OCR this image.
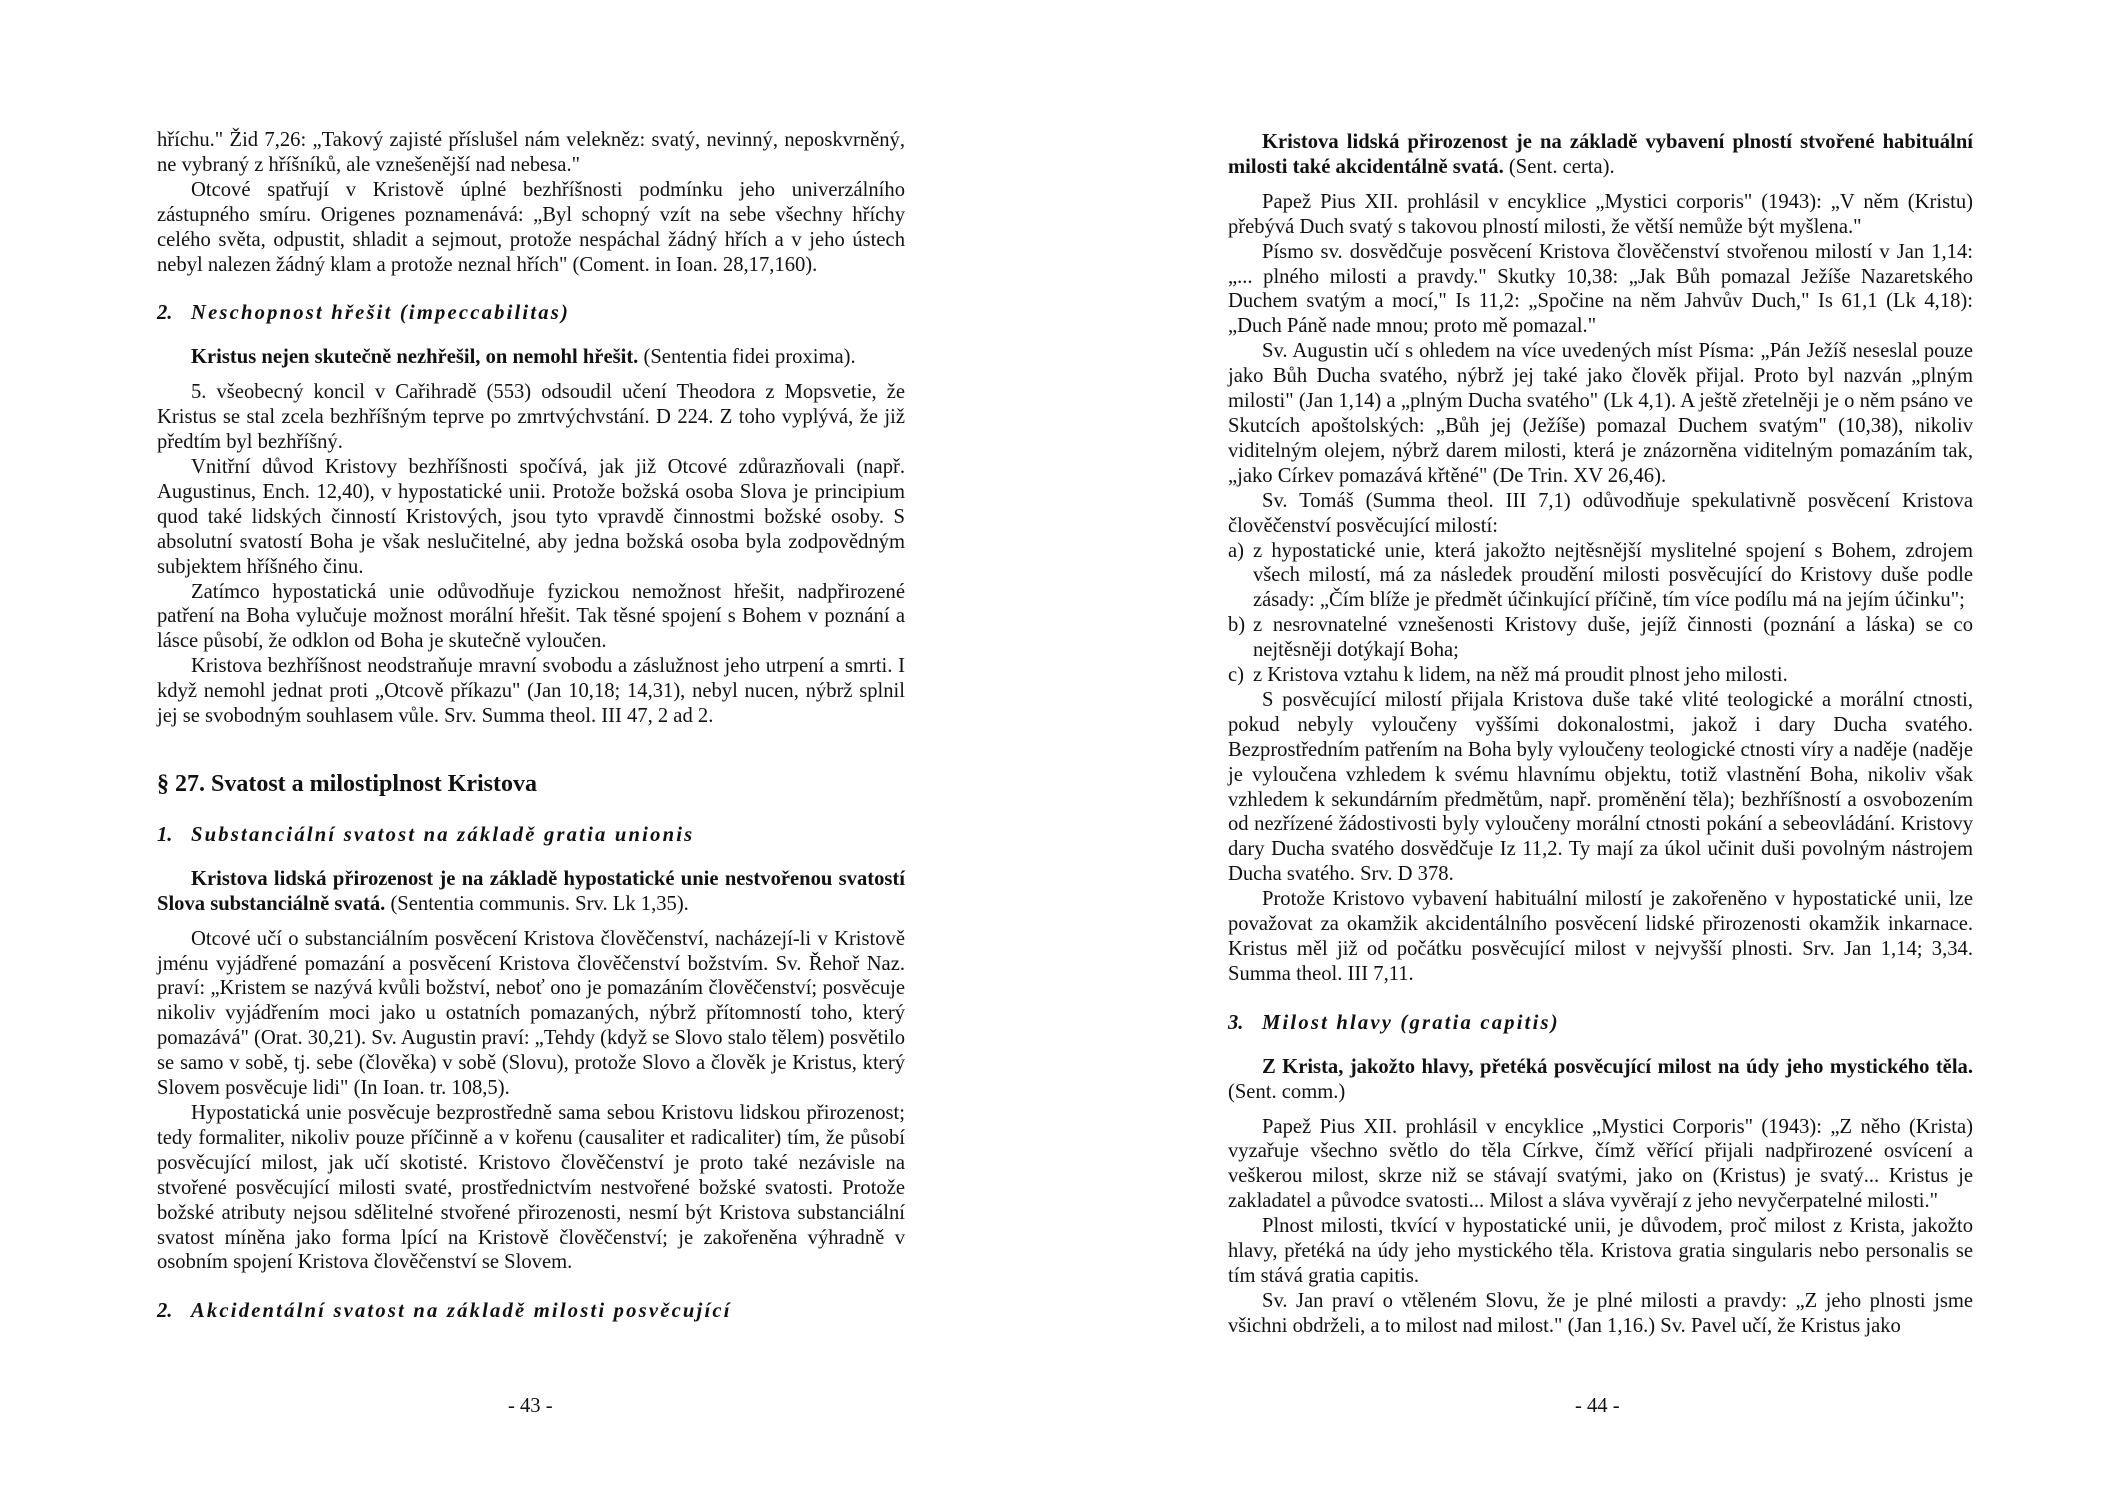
hříchu." Žid 7,26: „Takový zajisté příslušel nám velekněz: svatý, nevinný, neposkvrněný, ne vybraný z hříšníků, ale vznešenější nad nebesa."

Otcové spatřují v Kristově úplné bezhříšnosti podmínku jeho univerzálního zástupného smíru. Origenes poznamenává: „Byl schopný vzít na sebe všechny hříchy celého světa, odpustit, shladit a sejmout, protože nespáchal žádný hřích a v jeho ústech nebyl nalezen žádný klam a protože neznal hřích" (Coment. in Ioan. 28,17,160).

2. Neschopnost hřešit (impeccabilitas)

Kristus nejen skutečně nezhřešil, on nemohl hřešit. (Sententia fidei proxima).

5. všeobecný koncil v Cařihradě (553) odsoudil učení Theodora z Mopsvetie, že Kristus se stal zcela bezhříšným teprve po zmrtvýchvstání. D 224. Z toho vyplývá, že již předtím byl bezhříšný.

Vnitřní důvod Kristovy bezhříšnosti spočívá, jak již Otcové zdůrazňovali (např. Augustinus, Ench. 12,40), v hypostatické unii. Protože božská osoba Slova je principium quod také lidských činností Kristových, jsou tyto vpravdě činnostmi božské osoby. S absolutní svatostí Boha je však neslučitelné, aby jedna božská osoba byla zodpovědným subjektem hříšného činu.

Zatímco hypostatická unie odůvodňuje fyzickou nemožnost hřešit, nadpřirozené patření na Boha vylučuje možnost morální hřešit. Tak těsné spojení s Bohem v poznání a lásce působí, že odklon od Boha je skutečně vyloučen.

Kristova bezhříšnost neodstraňuje mravní svobodu a záslužnost jeho utrpení a smrti. I když nemohl jednat proti „Otcově příkazu" (Jan 10,18; 14,31), nebyl nucen, nýbrž splnil jej se svobodným souhlasem vůle. Srv. Summa theol. III 47, 2 ad 2.

§ 27. Svatost a milostiplnost Kristova
1. Substanciální svatost na základě gratia unionis

Kristova lidská přirozenost je na základě hypostatické unie nestvořenou svatostí Slova substanciálně svatá. (Sententia communis. Srv. Lk 1,35).

Otcové učí o substanciálním posvěcení Kristova člověčenství, nacházejí-li v Kristově jménu vyjádřené pomazání a posvěcení Kristova člověčenství božstvím. Sv. Řehoř Naz. praví: „Kristem se nazývá kvůli božství, neboť ono je pomazáním člověčenství; posvěcuje nikoliv vyjádřením moci jako u ostatních pomazaných, nýbrž přítomností toho, který pomazává" (Orat. 30,21). Sv. Augustin praví: „Tehdy (když se Slovo stalo tělem) posvětilo se samo v sobě, tj. sebe (člověka) v sobě (Slovu), protože Slovo a člověk je Kristus, který Slovem posvěcuje lidi" (In Ioan. tr. 108,5).

Hypostatická unie posvěcuje bezprostředně sama sebou Kristovu lidskou přirozenost; tedy formaliter, nikoliv pouze příčinně a v kořenu (causaliter et radicaliter) tím, že působí posvěcující milost, jak učí skotisté. Kristovo člověčenství je proto také nezávisle na stvořené posvěcující milosti svaté, prostřednictvím nestvořené božské svatosti. Protože božské atributy nejsou sdělitelné stvořené přirozenosti, nesmí být Kristova substanciální svatost míněna jako forma lpící na Kristově člověčenství; je zakořeněna výhradně v osobním spojení Kristova člověčenství se Slovem.

2. Akcidentální svatost na základě milosti posvěcující

Kristova lidská přirozenost je na základě vybavení plností stvořené habituální milosti také akcidentálně svatá. (Sent. certa).

Papež Pius XII. prohlásil v encyklice „Mystici corporis" (1943): „V něm (Kristu) přebývá Duch svatý s takovou plností milosti, že větší nemůže být myšlena."

Písmo sv. dosvědčuje posvěcení Kristova člověčenství stvořenou milostí v Jan 1,14: „... plného milosti a pravdy." Skutky 10,38: „Jak Bůh pomazal Ježíše Nazaretského Duchem svatým a mocí," Is 11,2: „Spočine na něm Jahvův Duch," Is 61,1 (Lk 4,18): „Duch Páně nade mnou; proto mě pomazal."

Sv. Augustin učí s ohledem na více uvedených míst Písma: „Pán Ježíš neseslal pouze jako Bůh Ducha svatého, nýbrž jej také jako člověk přijal. Proto byl nazván „plným milosti" (Jan 1,14) a „plným Ducha svatého" (Lk 4,1). A ještě zřetelněji je o něm psáno ve Skutcích apoštolských: „Bůh jej (Ježíše) pomazal Duchem svatým" (10,38), nikoliv viditelným olejem, nýbrž darem milosti, která je znázorněna viditelným pomazáním tak, „jako Církev pomazává křtěné" (De Trin. XV 26,46).

Sv. Tomáš (Summa theol. III 7,1) odůvodňuje spekulativně posvěcení Kristova člověčenství posvěcující milostí:

a) z hypostatické unie, která jakožto nejtěsnější myslitelné spojení s Bohem, zdrojem všech milostí, má za následek proudění milosti posvěcující do Kristovy duše podle zásady: „Čím blíže je předmět účinkující příčině, tím více podílu má na jejím účinku";

b) z nesrovnatelné vznešenosti Kristovy duše, jejíž činnosti (poznání a láska) se co nejtěsněji dotýkají Boha;

c) z Kristova vztahu k lidem, na něž má proudit plnost jeho milosti.

S posvěcující milostí přijala Kristova duše také vlité teologické a morální ctnosti, pokud nebyly vyloučeny vyššími dokonalostmi, jakož i dary Ducha svatého. Bezprostředním patřením na Boha byly vyloučeny teologické ctnosti víry a naděje (naděje je vyloučena vzhledem k svému hlavnímu objektu, totiž vlastnění Boha, nikoliv však vzhledem k sekundárním předmětům, např. proměnění těla); bezhříšností a osvobozením od nezřízené žádostivosti byly vyloučeny morální ctnosti pokání a sebeovládání. Kristovy dary Ducha svatého dosvědčuje Iz 11,2. Ty mají za úkol učinit duši povolným nástrojem Ducha svatého. Srv. D 378.

Protože Kristovo vybavení habituální milostí je zakořeněno v hypostatické unii, lze považovat za okamžik akcidentálního posvěcení lidské přirozenosti okamžik inkarnace. Kristus měl již od počátku posvěcující milost v nejvyšší plnosti. Srv. Jan 1,14; 3,34. Summa theol. III 7,11.

3. Milost hlavy (gratia capitis)

Z Krista, jakožto hlavy, přetéká posvěcující milost na údy jeho mystického těla. (Sent. comm.)

Papež Pius XII. prohlásil v encyklice „Mystici Corporis" (1943): „Z něho (Krista) vyzařuje všechno světlo do těla Církve, čímž věřící přijali nadpřirozené osvícení a veškerou milost, skrze niž se stávají svatými, jako on (Kristus) je svatý... Kristus je zakladatel a původce svatosti... Milost a sláva vyvěrají z jeho nevyčerpatelné milosti."

Plnost milosti, tkvící v hypostatické unii, je důvodem, proč milost z Krista, jakožto hlavy, přetéká na údy jeho mystického těla. Kristova gratia singularis nebo personalis se tím stává gratia capitis.

Sv. Jan praví o vtěleném Slovu, že je plné milosti a pravdy: „Z jeho plnosti jsme všichni obdrželi, a to milost nad milost." (Jan 1,16.) Sv. Pavel učí, že Kristus jako

- 43 -	- 44 -
